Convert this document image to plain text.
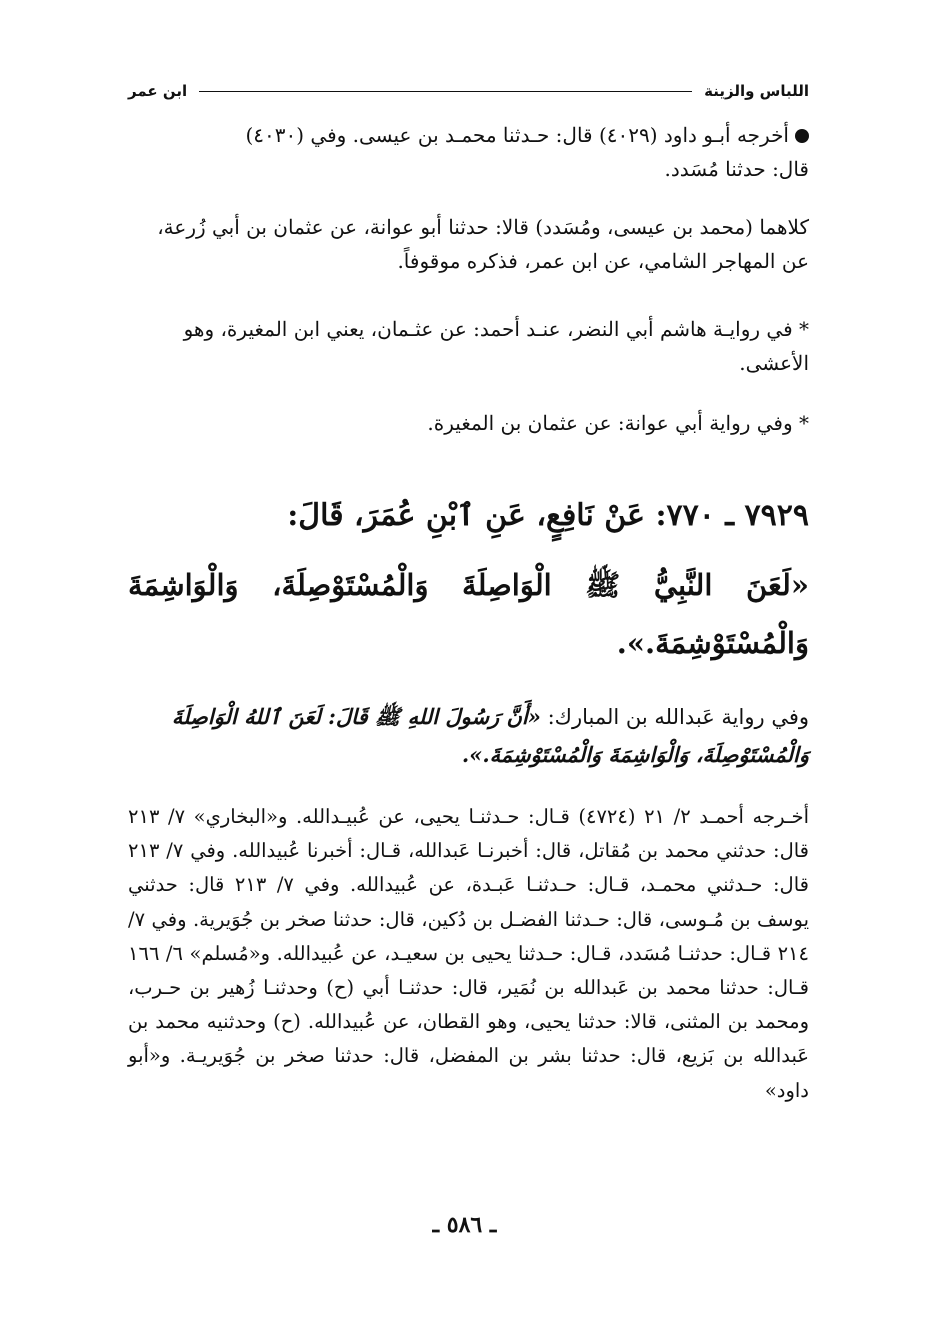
اللباس والزينة
ابن عمر
أخرجه أبـو داود (٤٠٢٩) قال: حـدثنا محمـد بن عيسى. وفي (٤٠٣٠)
قال: حدثنا مُسَدد.
كلاهما (محمد بن عيسى، ومُسَدد) قالا: حدثنا أبو عوانة، عن عثمان بن أبي زُرعة، عن المهاجر الشامي، عن ابن عمر، فذكره موقوفاً.
* في روايـة هاشم أبي النضر، عنـد أحمد: عن عثـمان، يعني ابن المغيرة، وهو الأعشى.
* وفي رواية أبي عوانة: عن عثمان بن المغيرة.
٧٩٢٩ ـ ٧٧٠: عَنْ نَافِعٍ، عَنِ ٱبْنِ عُمَرَ، قَالَ:
«لَعَنَ النَّبِيُّ ﷺ الْوَاصِلَةَ وَالْمُسْتَوْصِلَةَ، وَالْوَاشِمَةَ وَالْمُسْتَوْشِمَةَ.».
وفي رواية عَبدالله بن المبارك: «أَنَّ رَسُولَ اللهِ ﷺ قَالَ: لَعَنَ ٱللهُ الْوَاصِلَةَ وَالْمُسْتَوْصِلَةَ، وَالْوَاشِمَةَ وَالْمُسْتَوْشِمَةَ.».
أخـرجه أحمـد ٢/ ٢١ (٤٧٢٤) قـال: حـدثنـا يحيى، عن عُبيـدالله. و«البخاري» ٧/ ٢١٣ قال: حدثني محمد بن مُقاتل، قال: أخبرنـا عَبدالله، قـال: أخبرنا عُبيدالله. وفي ٧/ ٢١٣ قال: حـدثني محمـد، قـال: حـدثنـا عَبـدة، عن عُبيدالله. وفي ٧/ ٢١٣ قال: حدثني يوسف بن مُـوسى، قال: حـدثنا الفضـل بن دُكين، قال: حدثنا صخر بن جُوَيرية. وفي ٧/ ٢١٤ قـال: حدثنـا مُسَدد، قـال: حـدثنا يحيى بن سعيـد، عن عُبيدالله. و«مُسلم» ٦/ ١٦٦ قـال: حدثنا محمد بن عَبدالله بن نُمَير، قال: حدثنـا أبي (ح) وحدثنـا زُهير بن حـرب، ومحمد بن المثنى، قالا: حدثنا يحيى، وهو القطان، عن عُبيدالله. (ح) وحدثنيه محمد بن عَبدالله بن بَزيع، قال: حدثنا بشر بن المفضل، قال: حدثنا صخر بن جُوَيريـة. و«أبو داود»
ـ ٥٨٦ ـ
